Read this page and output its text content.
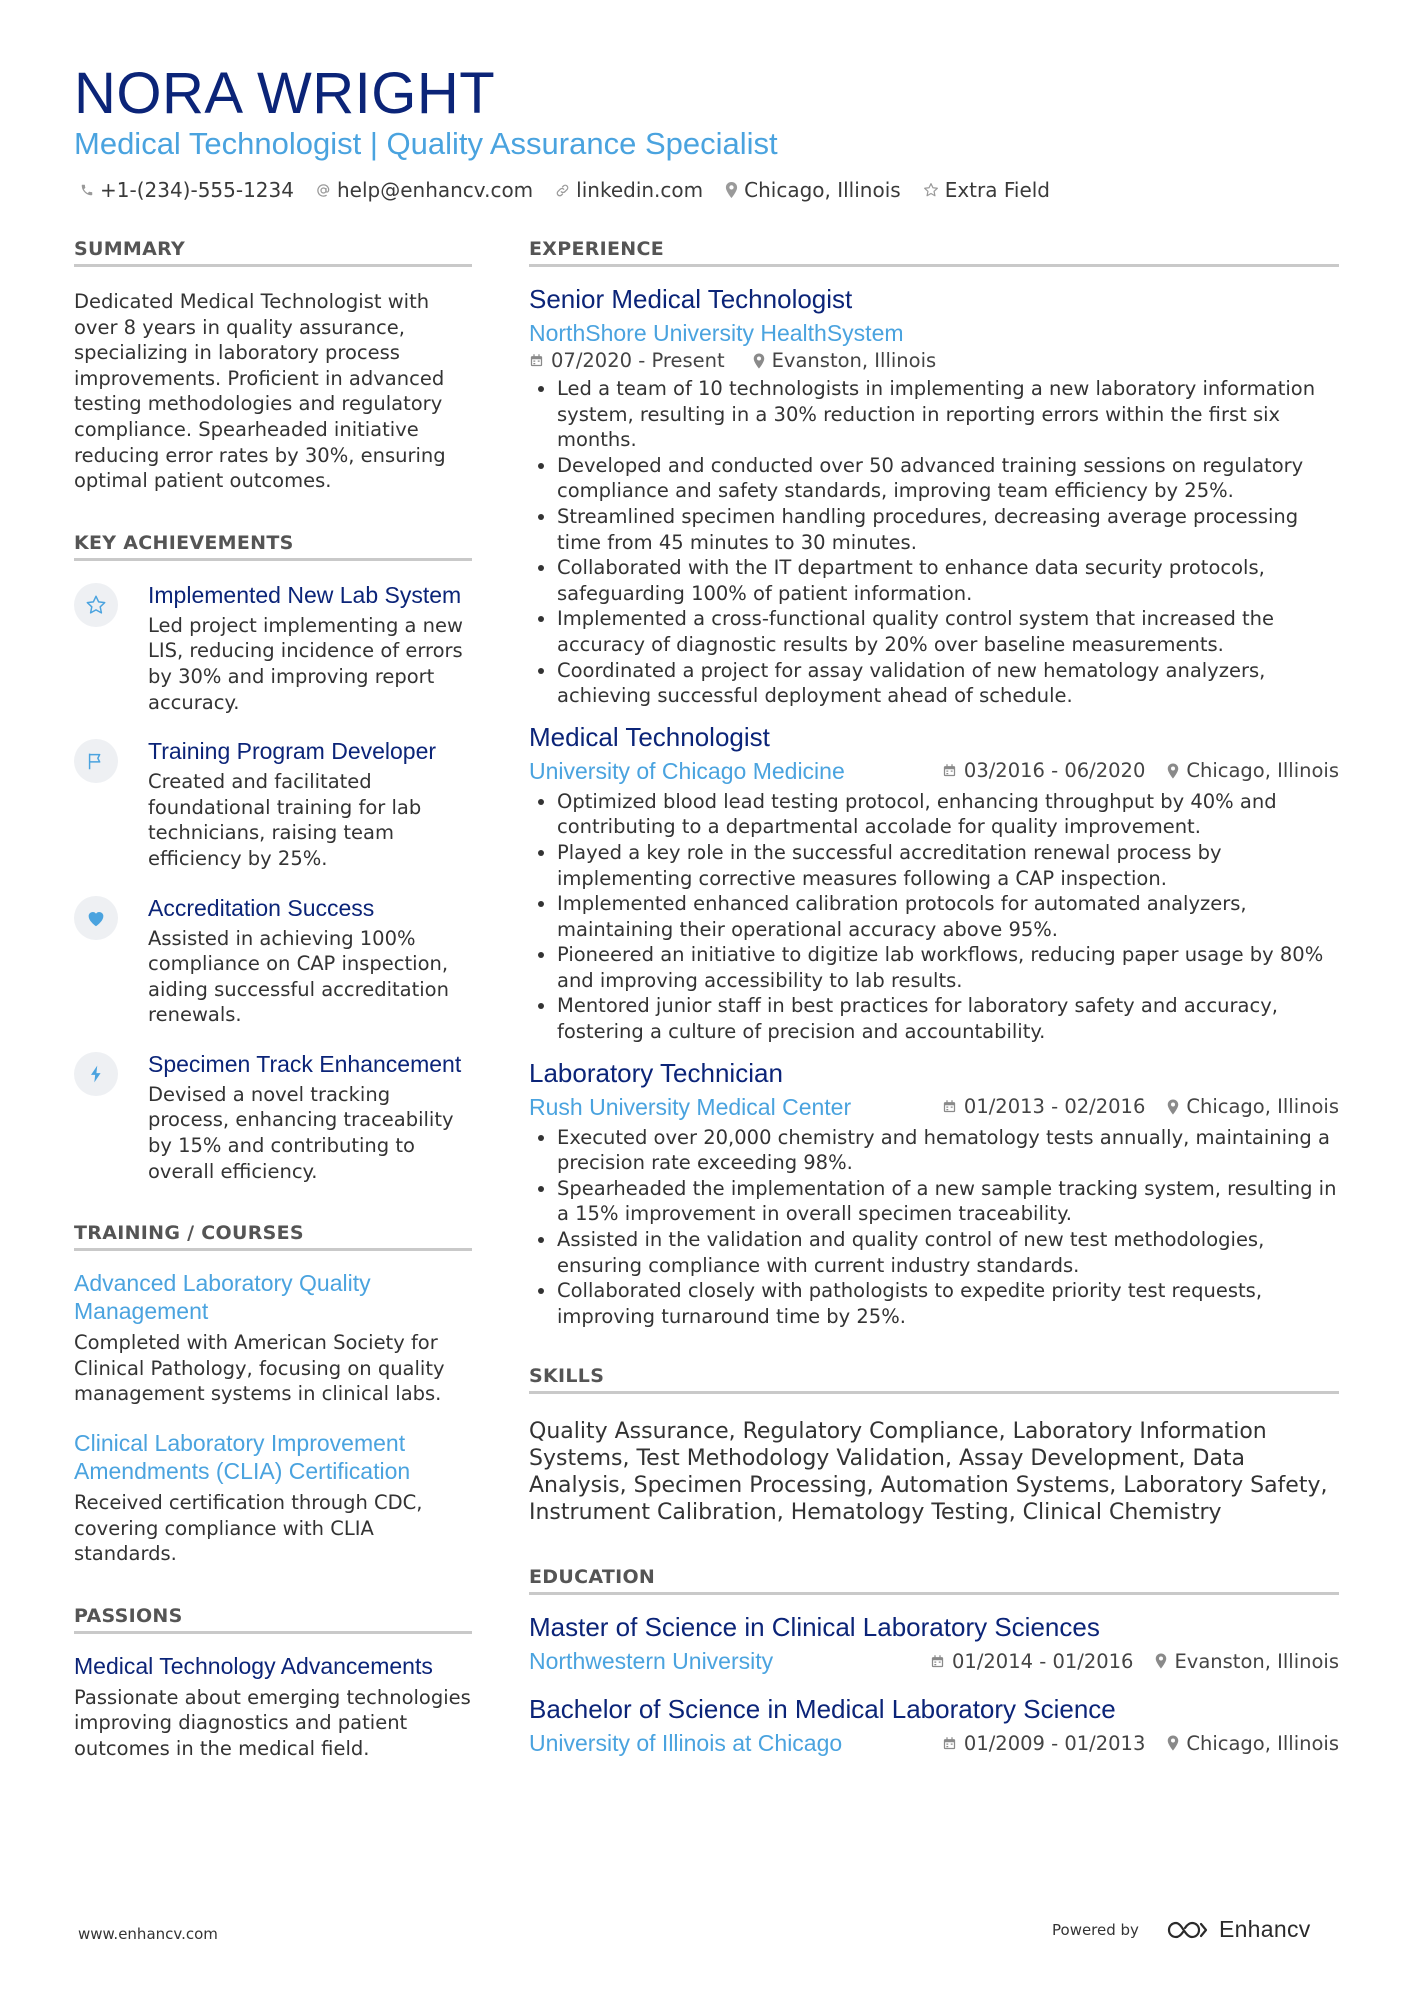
NORA WRIGHT
Medical Technologist | Quality Assurance Specialist
+1-(234)-555-1234 help@enhancv.com linkedin.com Chicago, Illinois Extra Field
SUMMARY
Dedicated Medical Technologist with over 8 years in quality assurance, specializing in laboratory process improvements. Proficient in advanced testing methodologies and regulatory compliance. Spearheaded initiative reducing error rates by 30%, ensuring optimal patient outcomes.
KEY ACHIEVEMENTS
Implemented New Lab System
Led project implementing a new LIS, reducing incidence of errors by 30% and improving report accuracy.
Training Program Developer
Created and facilitated foundational training for lab technicians, raising team efficiency by 25%.
Accreditation Success
Assisted in achieving 100% compliance on CAP inspection, aiding successful accreditation renewals.
Specimen Track Enhancement
Devised a novel tracking process, enhancing traceability by 15% and contributing to overall efficiency.
TRAINING / COURSES
Advanced Laboratory Quality Management
Completed with American Society for Clinical Pathology, focusing on quality management systems in clinical labs.
Clinical Laboratory Improvement Amendments (CLIA) Certification
Received certification through CDC, covering compliance with CLIA standards.
PASSIONS
Medical Technology Advancements
Passionate about emerging technologies improving diagnostics and patient outcomes in the medical field.
EXPERIENCE
Senior Medical Technologist
NorthShore University HealthSystem
07/2020 - Present Evanston, Illinois
• Led a team of 10 technologists in implementing a new laboratory information system, resulting in a 30% reduction in reporting errors within the first six months.
• Developed and conducted over 50 advanced training sessions on regulatory compliance and safety standards, improving team efficiency by 25%.
• Streamlined specimen handling procedures, decreasing average processing time from 45 minutes to 30 minutes.
• Collaborated with the IT department to enhance data security protocols, safeguarding 100% of patient information.
• Implemented a cross-functional quality control system that increased the accuracy of diagnostic results by 20% over baseline measurements.
• Coordinated a project for assay validation of new hematology analyzers, achieving successful deployment ahead of schedule.
Medical Technologist
University of Chicago Medicine	03/2016 - 06/2020 Chicago, Illinois
• Optimized blood lead testing protocol, enhancing throughput by 40% and contributing to a departmental accolade for quality improvement.
• Played a key role in the successful accreditation renewal process by implementing corrective measures following a CAP inspection.
• Implemented enhanced calibration protocols for automated analyzers, maintaining their operational accuracy above 95%.
• Pioneered an initiative to digitize lab workflows, reducing paper usage by 80% and improving accessibility to lab results.
• Mentored junior staff in best practices for laboratory safety and accuracy, fostering a culture of precision and accountability.
Laboratory Technician
Rush University Medical Center	01/2013 - 02/2016 Chicago, Illinois
• Executed over 20,000 chemistry and hematology tests annually, maintaining a precision rate exceeding 98%.
• Spearheaded the implementation of a new sample tracking system, resulting in a 15% improvement in overall specimen traceability.
• Assisted in the validation and quality control of new test methodologies, ensuring compliance with current industry standards.
• Collaborated closely with pathologists to expedite priority test requests, improving turnaround time by 25%.
SKILLS
Quality Assurance, Regulatory Compliance, Laboratory Information Systems, Test Methodology Validation, Assay Development, Data Analysis, Specimen Processing, Automation Systems, Laboratory Safety, Instrument Calibration, Hematology Testing, Clinical Chemistry
EDUCATION
Master of Science in Clinical Laboratory Sciences
Northwestern University	01/2014 - 01/2016 Evanston, Illinois
Bachelor of Science in Medical Laboratory Science
University of Illinois at Chicago	01/2009 - 01/2013 Chicago, Illinois
www.enhancv.com	Powered by	Enhancv
